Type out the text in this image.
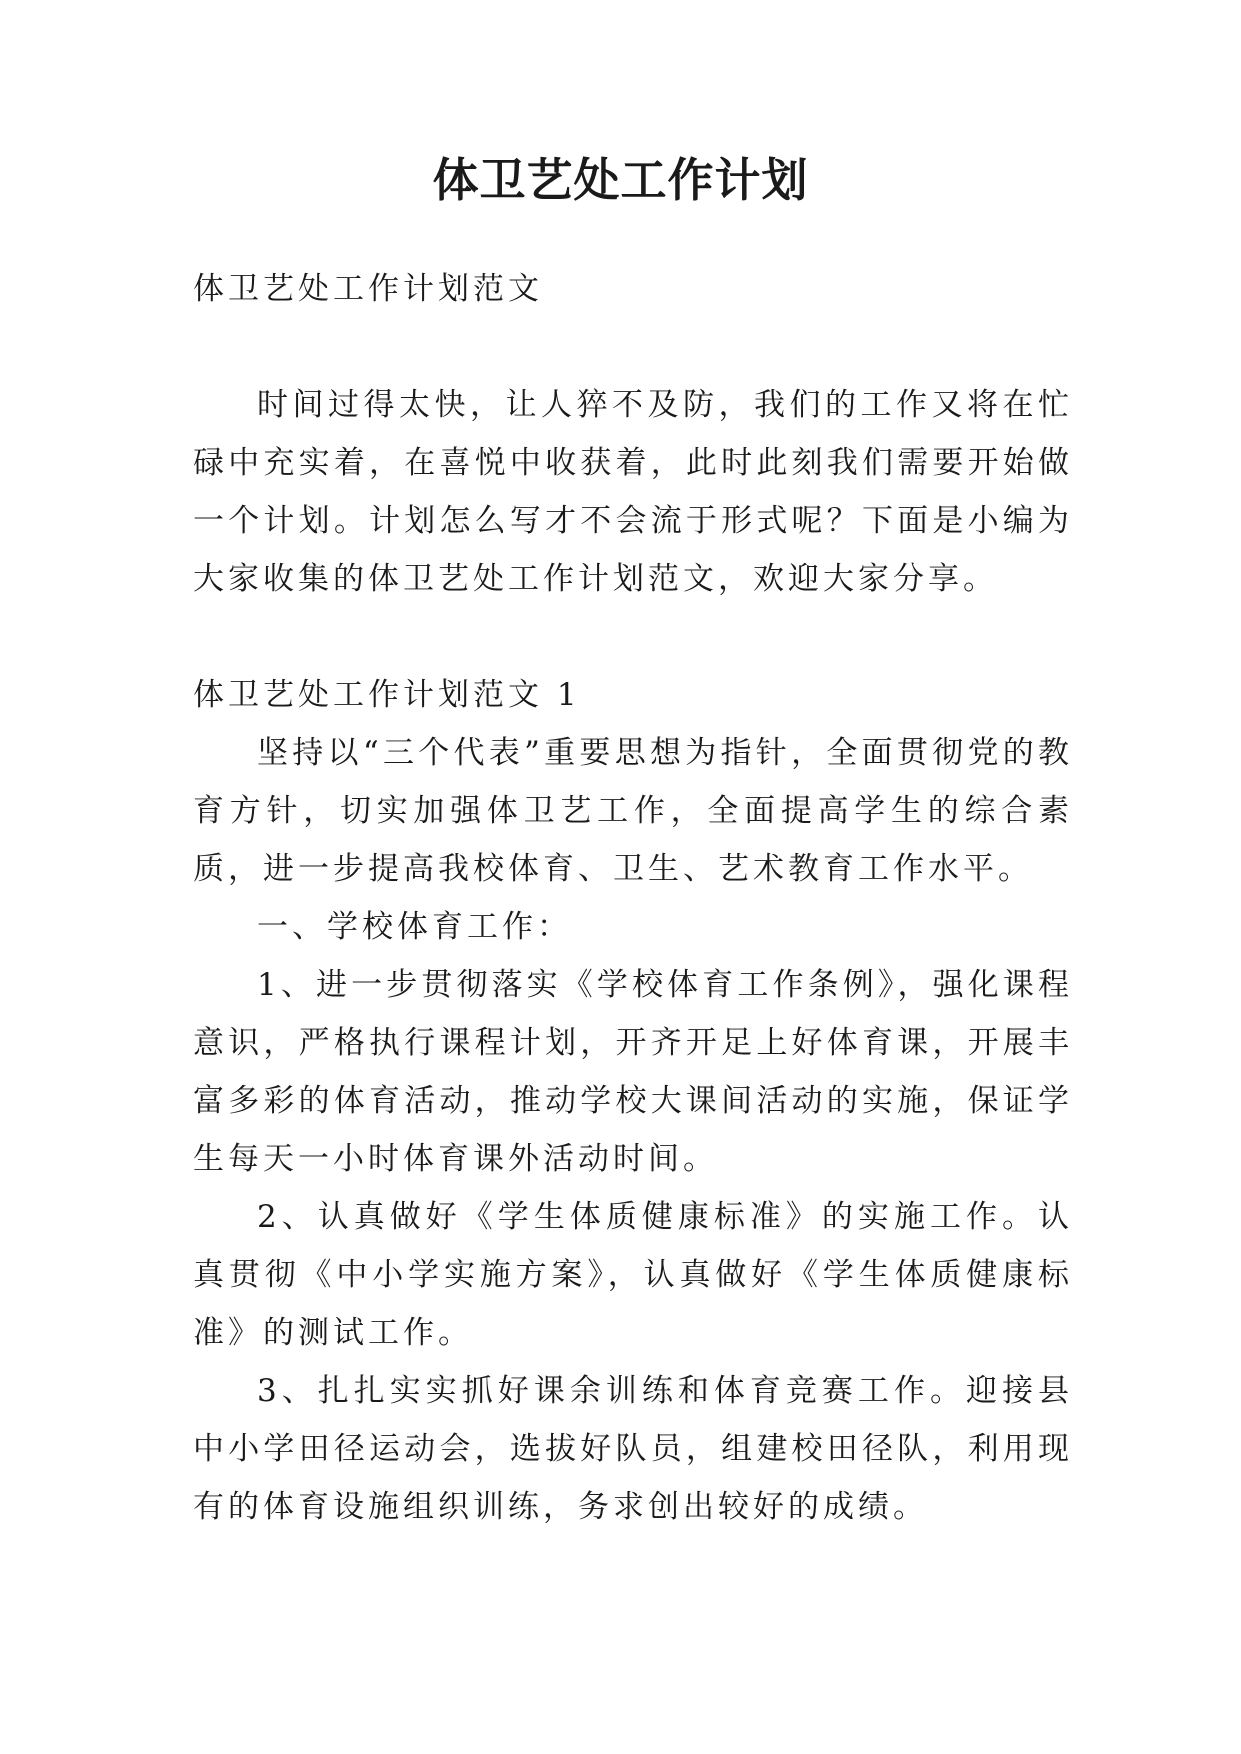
体卫艺处工作计划

体卫艺处工作计划范文

时间过得太快，让人猝不及防，我们的工作又将在忙碌中充实着，在喜悦中收获着，此时此刻我们需要开始做一个计划。计划怎么写才不会流于形式呢？下面是小编为大家收集的体卫艺处工作计划范文，欢迎大家分享。

体卫艺处工作计划范文 1

坚持以“三个代表”重要思想为指针，全面贯彻党的教育方针，切实加强体卫艺工作，全面提高学生的综合素质，进一步提高我校体育、卫生、艺术教育工作水平。

一、学校体育工作：

1、进一步贯彻落实《学校体育工作条例》，强化课程意识，严格执行课程计划，开齐开足上好体育课，开展丰富多彩的体育活动，推动学校大课间活动的实施，保证学生每天一小时体育课外活动时间。

2、认真做好《学生体质健康标准》的实施工作。认真贯彻《中小学实施方案》，认真做好《学生体质健康标准》的测试工作。

3、扎扎实实抓好课余训练和体育竞赛工作。迎接县中小学田径运动会，选拔好队员，组建校田径队，利用现有的体育设施组织训练，务求创出较好的成绩。
